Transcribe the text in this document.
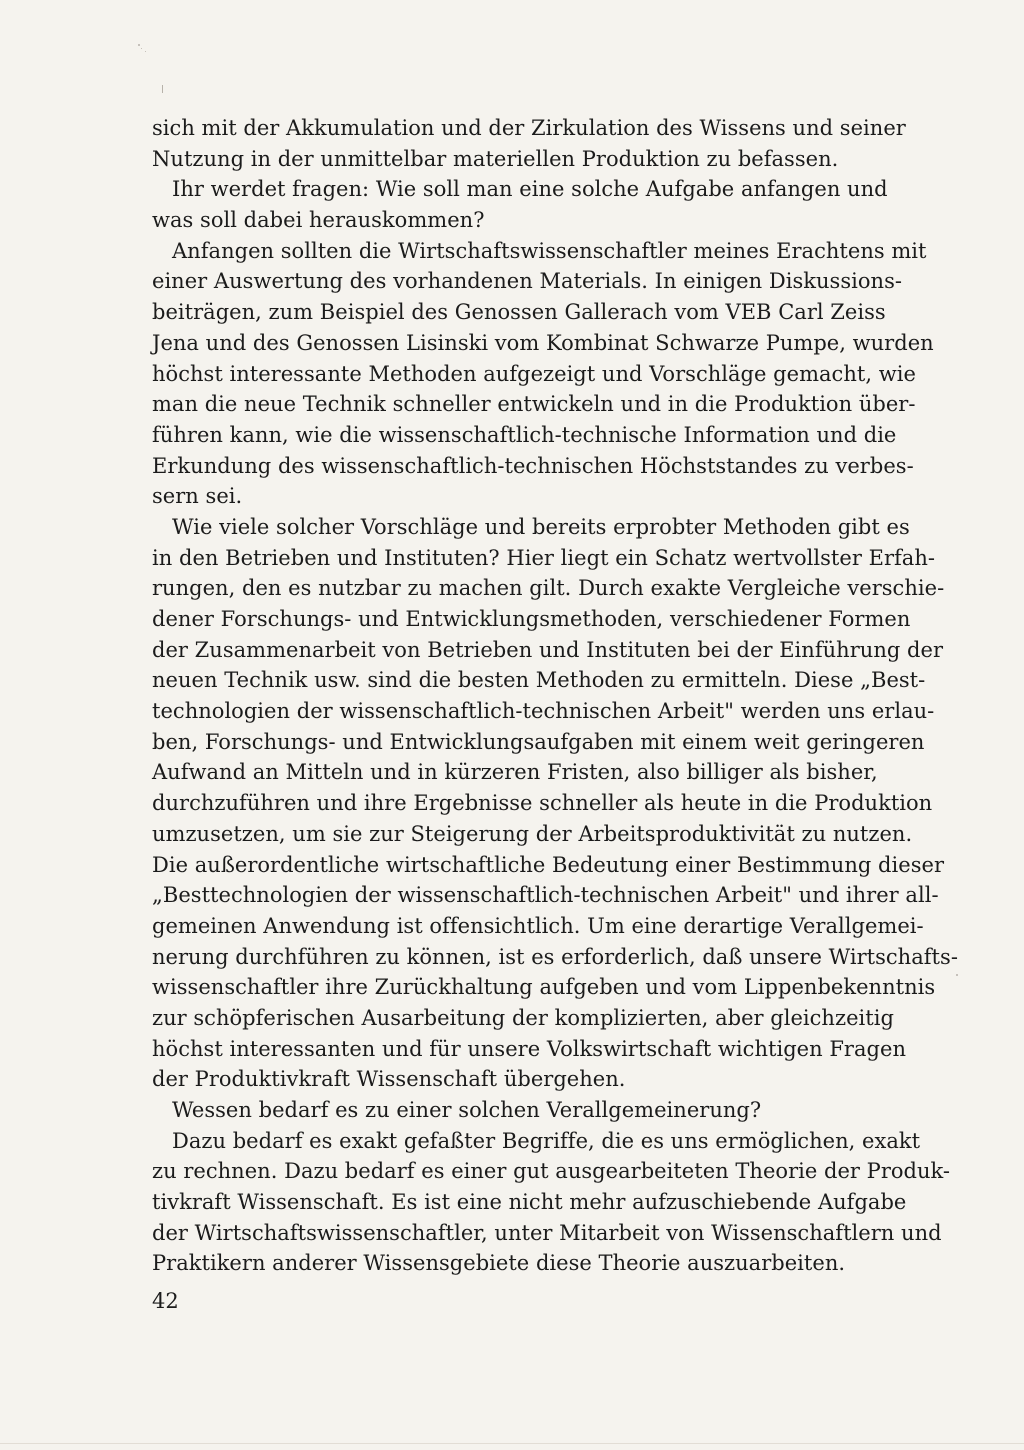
sich mit der Akkumulation und der Zirkulation des Wissens und seiner
Nutzung in der unmittelbar materiellen Produktion zu befassen.
Ihr werdet fragen: Wie soll man eine solche Aufgabe anfangen und
was soll dabei herauskommen?
Anfangen sollten die Wirtschaftswissenschaftler meines Erachtens mit
einer Auswertung des vorhandenen Materials. In einigen Diskussions-
beiträgen, zum Beispiel des Genossen Gallerach vom VEB Carl Zeiss
Jena und des Genossen Lisinski vom Kombinat Schwarze Pumpe, wurden
höchst interessante Methoden aufgezeigt und Vorschläge gemacht, wie
man die neue Technik schneller entwickeln und in die Produktion über-
führen kann, wie die wissenschaftlich-technische Information und die
Erkundung des wissenschaftlich-technischen Höchststandes zu verbes-
sern sei.
Wie viele solcher Vorschläge und bereits erprobter Methoden gibt es
in den Betrieben und Instituten? Hier liegt ein Schatz wertvollster Erfah-
rungen, den es nutzbar zu machen gilt. Durch exakte Vergleiche verschie-
dener Forschungs- und Entwicklungsmethoden, verschiedener Formen
der Zusammenarbeit von Betrieben und Instituten bei der Einführung der
neuen Technik usw. sind die besten Methoden zu ermitteln. Diese „Best-
technologien der wissenschaftlich-technischen Arbeit" werden uns erlau-
ben, Forschungs- und Entwicklungsaufgaben mit einem weit geringeren
Aufwand an Mitteln und in kürzeren Fristen, also billiger als bisher,
durchzuführen und ihre Ergebnisse schneller als heute in die Produktion
umzusetzen, um sie zur Steigerung der Arbeitsproduktivität zu nutzen.
Die außerordentliche wirtschaftliche Bedeutung einer Bestimmung dieser
„Besttechnologien der wissenschaftlich-technischen Arbeit" und ihrer all-
gemeinen Anwendung ist offensichtlich. Um eine derartige Verallgemei-
nerung durchführen zu können, ist es erforderlich, daß unsere Wirtschafts-
wissenschaftler ihre Zurückhaltung aufgeben und vom Lippenbekenntnis
zur schöpferischen Ausarbeitung der komplizierten, aber gleichzeitig
höchst interessanten und für unsere Volkswirtschaft wichtigen Fragen
der Produktivkraft Wissenschaft übergehen.
Wessen bedarf es zu einer solchen Verallgemeinerung?
Dazu bedarf es exakt gefaßter Begriffe, die es uns ermöglichen, exakt
zu rechnen. Dazu bedarf es einer gut ausgearbeiteten Theorie der Produk-
tivkraft Wissenschaft. Es ist eine nicht mehr aufzuschiebende Aufgabe
der Wirtschaftswissenschaftler, unter Mitarbeit von Wissenschaftlern und
Praktikern anderer Wissensgebiete diese Theorie auszuarbeiten.
42
